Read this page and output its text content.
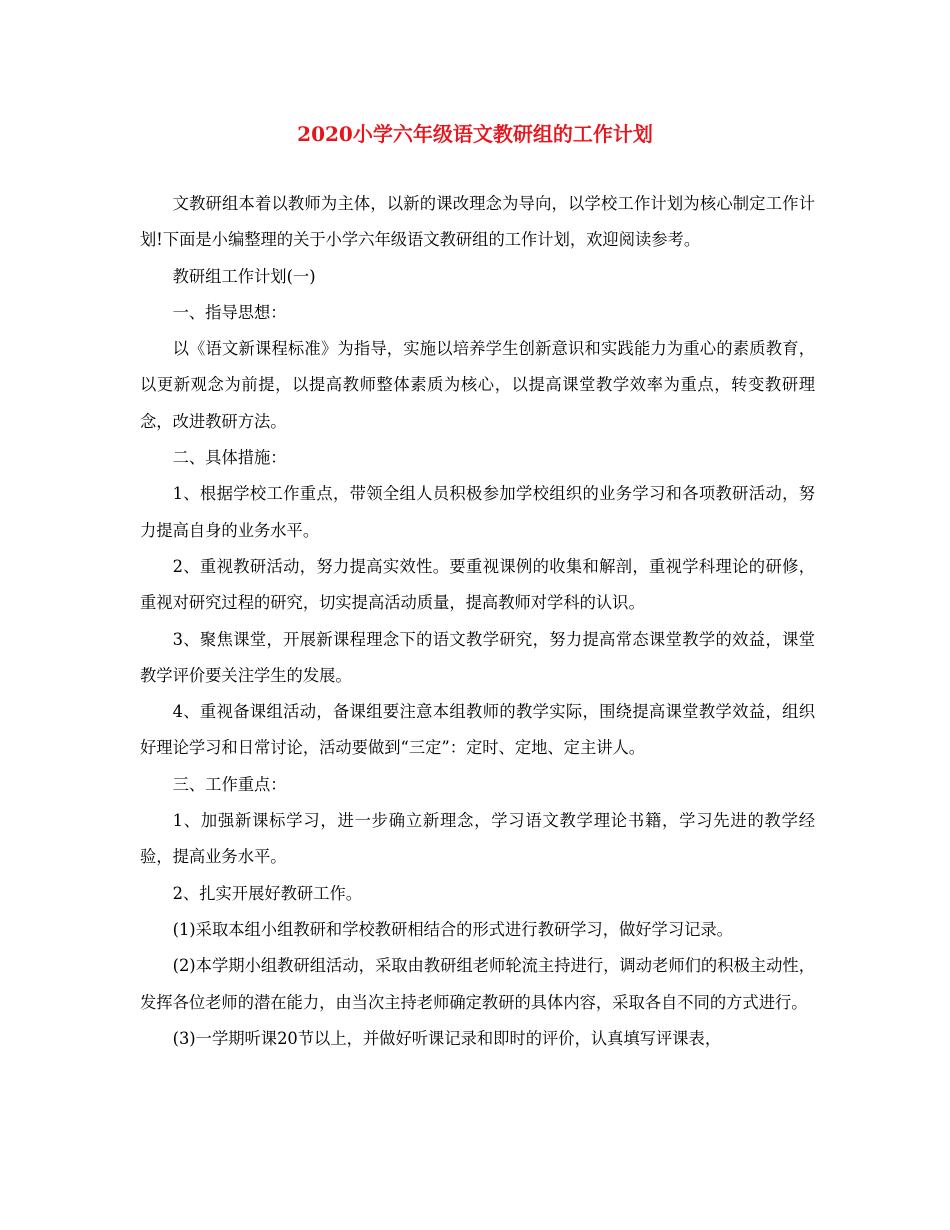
2020小学六年级语文教研组的工作计划

文教研组本着以教师为主体，以新的课改理念为导向，以学校工作计划为核心制定工作计划!下面是小编整理的关于小学六年级语文教研组的工作计划，欢迎阅读参考。

教研组工作计划(一)

一、指导思想：

以《语文新课程标准》为指导，实施以培养学生创新意识和实践能力为重心的素质教育，以更新观念为前提，以提高教师整体素质为核心，以提高课堂教学效率为重点，转变教研理念，改进教研方法。

二、具体措施：

1、根据学校工作重点，带领全组人员积极参加学校组织的业务学习和各项教研活动，努力提高自身的业务水平。

2、重视教研活动，努力提高实效性。要重视课例的收集和解剖，重视学科理论的研修，重视对研究过程的研究，切实提高活动质量，提高教师对学科的认识。

3、聚焦课堂，开展新课程理念下的语文教学研究，努力提高常态课堂教学的效益，课堂教学评价要关注学生的发展。

4、重视备课组活动，备课组要注意本组教师的教学实际，围绕提高课堂教学效益，组织好理论学习和日常讨论，活动要做到“三定”：定时、定地、定主讲人。

三、工作重点：

1、加强新课标学习，进一步确立新理念，学习语文教学理论书籍，学习先进的教学经验，提高业务水平。

2、扎实开展好教研工作。

(1)采取本组小组教研和学校教研相结合的形式进行教研学习，做好学习记录。

(2)本学期小组教研组活动，采取由教研组老师轮流主持进行，调动老师们的积极主动性，发挥各位老师的潜在能力，由当次主持老师确定教研的具体内容，采取各自不同的方式进行。

(3)一学期听课20节以上，并做好听课记录和即时的评价，认真填写评课表，
